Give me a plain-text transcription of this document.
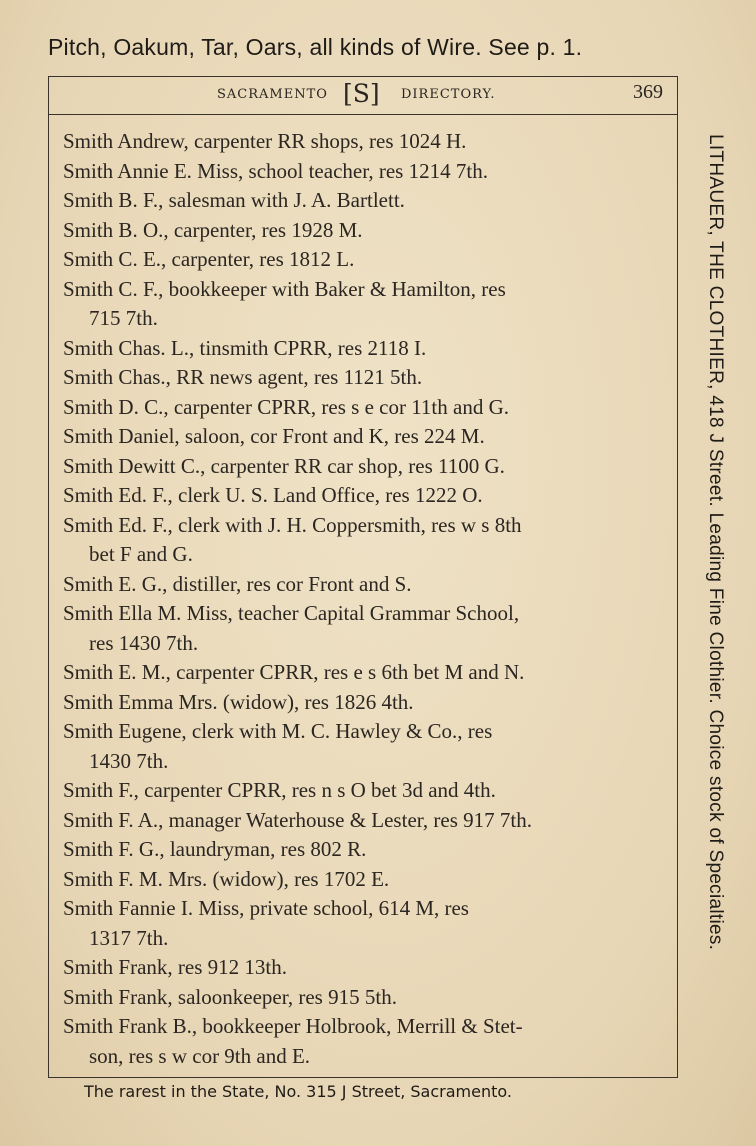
Pitch, Oakum, Tar, Oars, all kinds of Wire. See p. 1.
SACRAMENTO [S] DIRECTORY.	369
Smith Andrew, carpenter RR shops, res 1024 H.
Smith Annie E. Miss, school teacher, res 1214 7th.
Smith B. F., salesman with J. A. Bartlett.
Smith B. O., carpenter, res 1928 M.
Smith C. E., carpenter, res 1812 L.
Smith C. F., bookkeeper with Baker & Hamilton, res
715 7th.
Smith Chas. L., tinsmith CPRR, res 2118 I.
Smith Chas., RR news agent, res 1121 5th.
Smith D. C., carpenter CPRR, res s e cor 11th and G.
Smith Daniel, saloon, cor Front and K, res 224 M.
Smith Dewitt C., carpenter RR car shop, res 1100 G.
Smith Ed. F., clerk U. S. Land Office, res 1222 O.
Smith Ed. F., clerk with J. H. Coppersmith, res w s 8th
bet F and G.
Smith E. G., distiller, res cor Front and S.
Smith Ella M. Miss, teacher Capital Grammar School,
res 1430 7th.
Smith E. M., carpenter CPRR, res e s 6th bet M and N.
Smith Emma Mrs. (widow), res 1826 4th.
Smith Eugene, clerk with M. C. Hawley & Co., res
1430 7th.
Smith F., carpenter CPRR, res n s O bet 3d and 4th.
Smith F. A., manager Waterhouse & Lester, res 917 7th.
Smith F. G., laundryman, res 802 R.
Smith F. M. Mrs. (widow), res 1702 E.
Smith Fannie I. Miss, private school, 614 M, res
1317 7th.
Smith Frank, res 912 13th.
Smith Frank, saloonkeeper, res 915 5th.
Smith Frank B., bookkeeper Holbrook, Merrill & Stet-
son, res s w cor 9th and E.
LITHAUER, THE CLOTHIER, 418 J Street. Leading Fine Clothier. Choice stock of Specialties.
The rarest in the State, No. 315 J Street, Sacramento.
